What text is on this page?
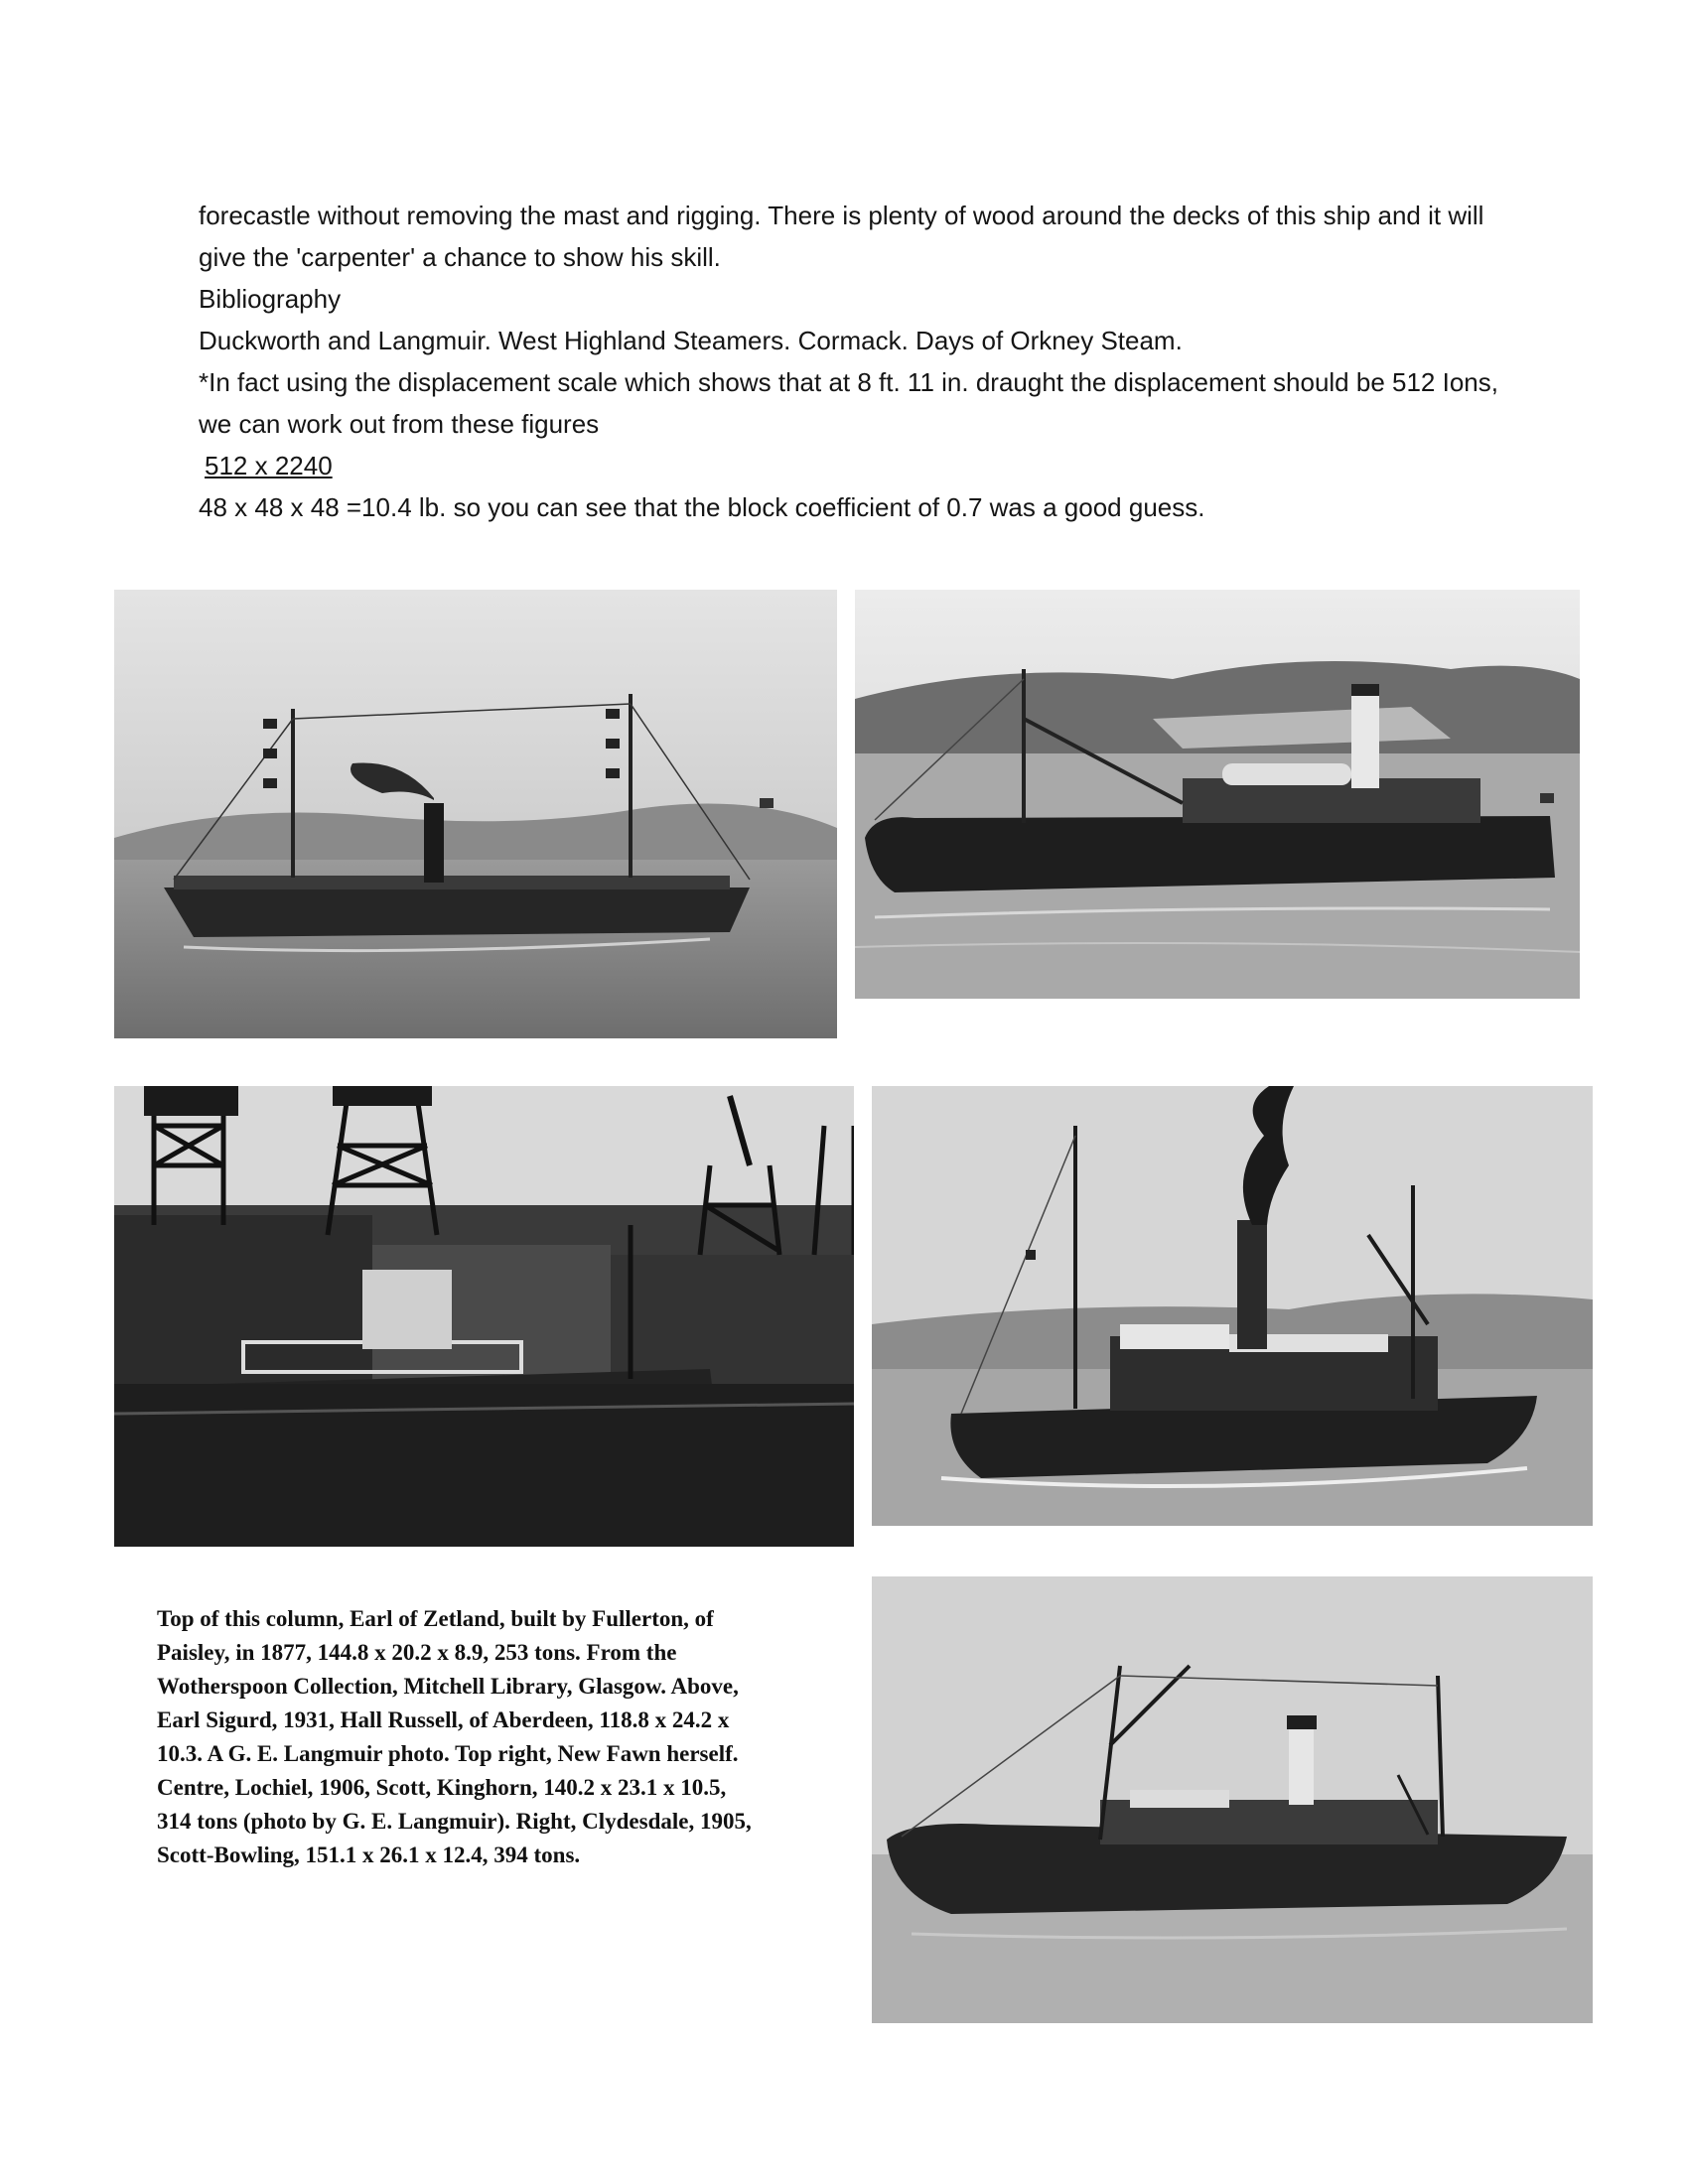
forecastle without removing the mast and rigging. There is plenty of wood around the decks of this ship and it will give the 'carpenter' a chance to show his skill.

Bibliography

Duckworth and Langmuir. West Highland Steamers. Cormack. Days of Orkney Steam.

*In fact using the displacement scale which shows that at 8 ft. 11 in. draught the displacement should be 512 Ions, we can work out from these figures

512 x 2240

48 x 48 x 48 =10.4 lb. so you can see that the block coefficient of 0.7 was a good guess.

Top of this column, Earl of Zetland, built by Fullerton, of
Paisley, in 1877, 144.8 x 20.2 x 8.9, 253 tons. From the
Wotherspoon Collection, Mitchell Library, Glasgow. Above,
Earl Sigurd, 1931, Hall Russell, of Aberdeen, 118.8 x 24.2 x
10.3. A G. E. Langmuir photo. Top right, New Fawn herself.
Centre, Lochiel, 1906, Scott, Kinghorn, 140.2 x 23.1 x 10.5,
314 tons (photo by G. E. Langmuir). Right, Clydesdale, 1905,
Scott-Bowling, 151.1 x 26.1 x 12.4, 394 tons.
